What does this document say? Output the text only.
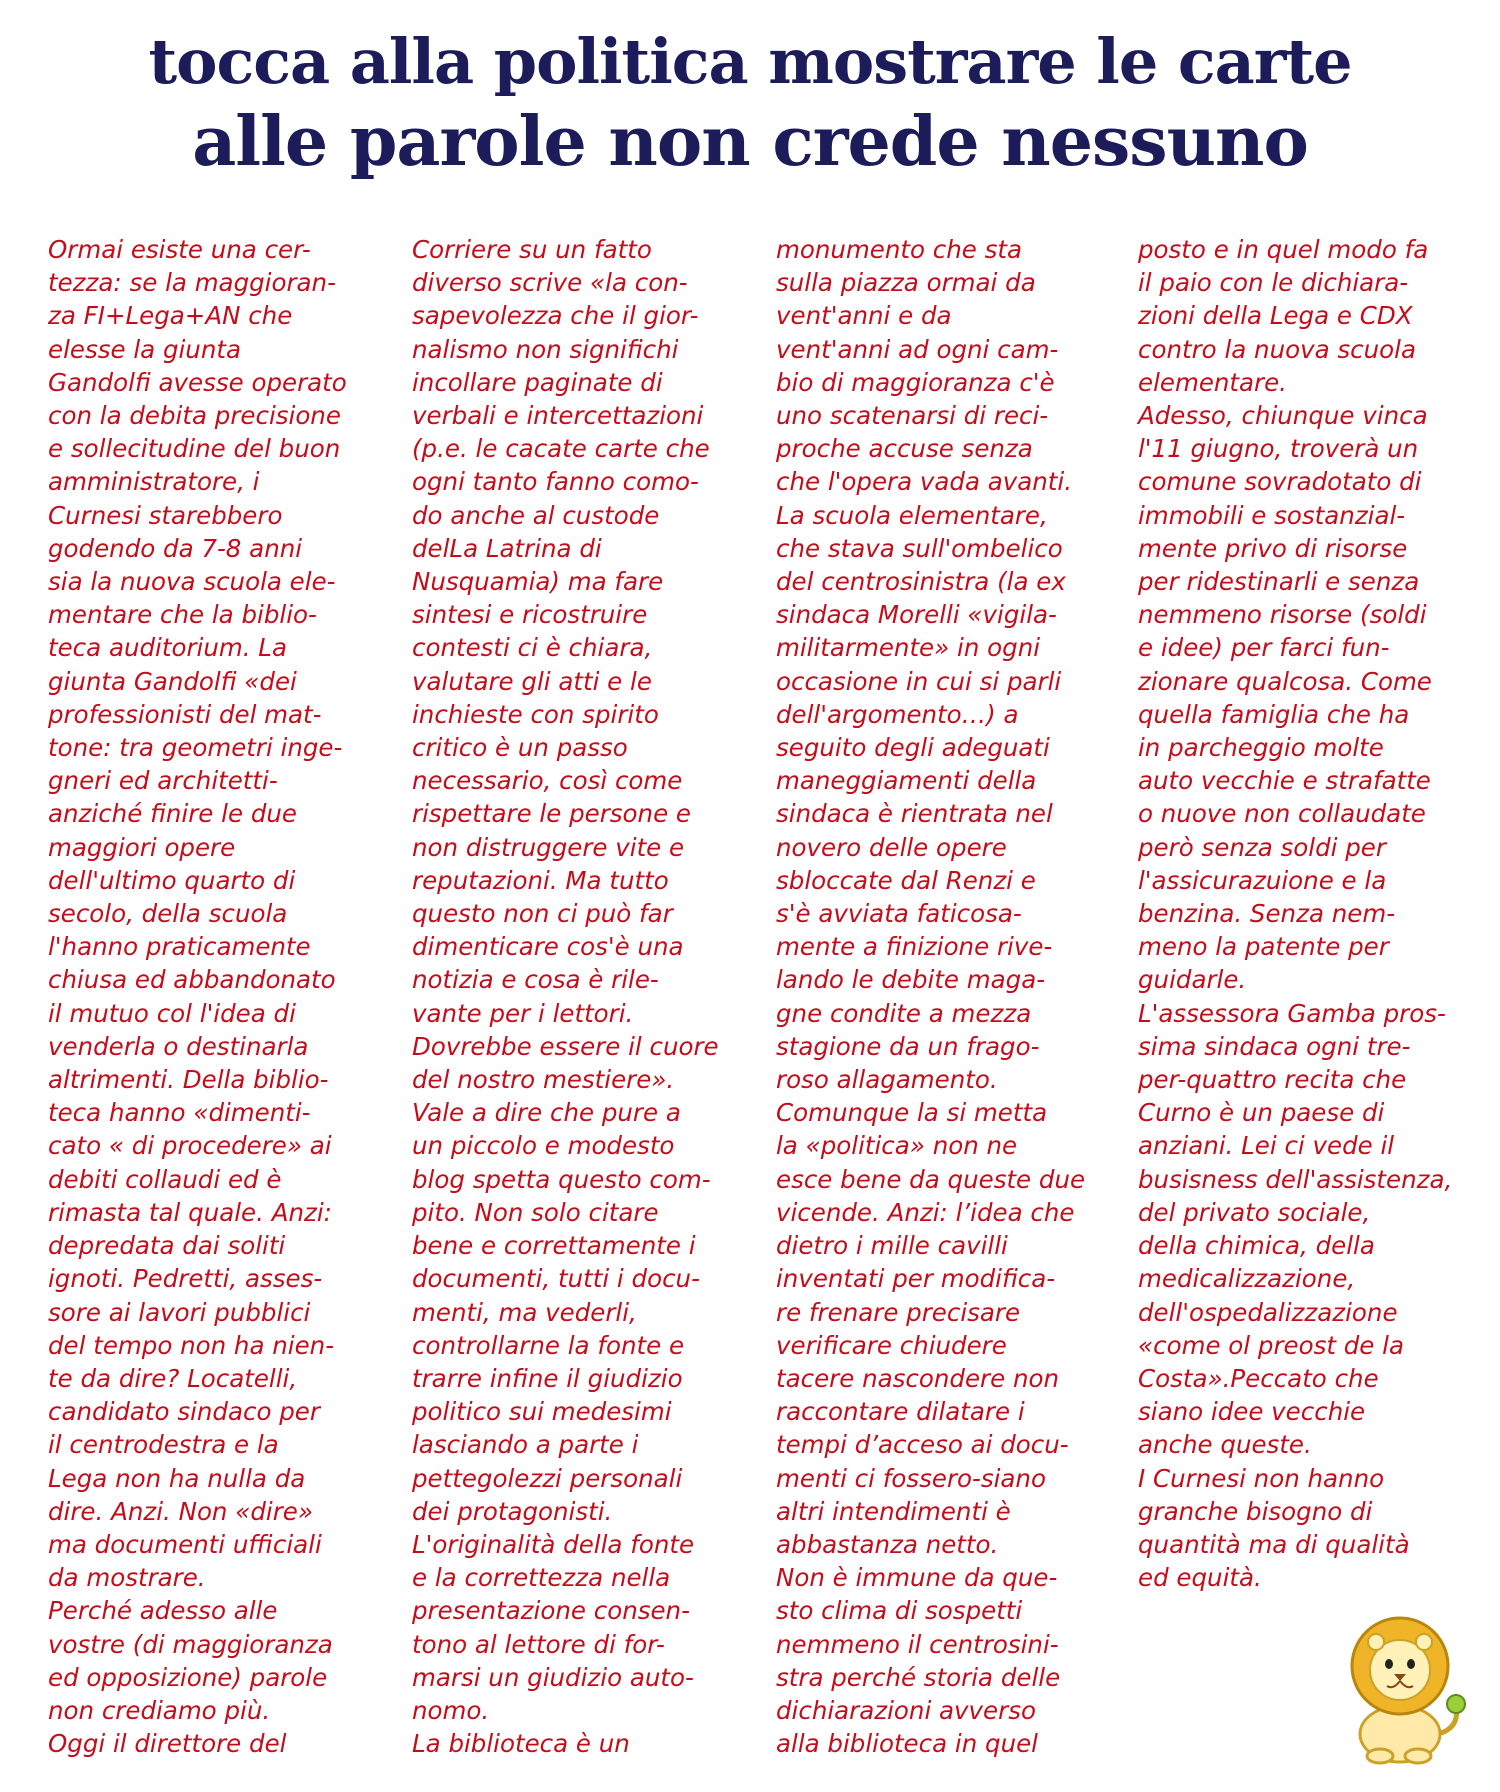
tocca alla politica mostrare le carte
alle parole non crede nessuno
Ormai esiste una cer-
tezza: se la maggioran-
za FI+Lega+AN che
elesse la giunta
Gandolfi avesse operato
con la debita precisione
e sollecitudine del buon
amministratore, i
Curnesi starebbero
godendo da 7-8 anni
sia la nuova scuola ele-
mentare che la biblio-
teca auditorium. La
giunta Gandolfi «dei
professionisti del mat-
tone: tra geometri inge-
gneri ed architetti-
anziché finire le due
maggiori opere
dell'ultimo quarto di
secolo, della scuola
l'hanno praticamente
chiusa ed abbandonato
il mutuo col l'idea di
venderla o destinarla
altrimenti. Della biblio-
teca hanno «dimenti-
cato « di procedere» ai
debiti collaudi ed è
rimasta tal quale. Anzi:
depredata dai soliti
ignoti. Pedretti, asses-
sore ai lavori pubblici
del tempo non ha nien-
te da dire? Locatelli,
candidato sindaco per
il centrodestra e la
Lega non ha nulla da
dire. Anzi. Non «dire»
ma documenti ufficiali
da mostrare.
Perché adesso alle
vostre (di maggioranza
ed opposizione) parole
non crediamo più.
Oggi il direttore del
Corriere su un fatto
diverso scrive «la con-
sapevolezza che il gior-
nalismo non significhi
incollare paginate di
verbali e intercettazioni
(p.e. le cacate carte che
ogni tanto fanno como-
do anche al custode
delLa Latrina di
Nusquamia) ma fare
sintesi e ricostruire
contesti ci è chiara,
valutare gli atti e le
inchieste con spirito
critico è un passo
necessario, così come
rispettare le persone e
non distruggere vite e
reputazioni. Ma tutto
questo non ci può far
dimenticare cos'è una
notizia e cosa è rile-
vante per i lettori.
Dovrebbe essere il cuore
del nostro mestiere».
Vale a dire che pure a
un piccolo e modesto
blog spetta questo com-
pito. Non solo citare
bene e correttamente i
documenti, tutti i docu-
menti, ma vederli,
controllarne la fonte e
trarre infine il giudizio
politico sui medesimi
lasciando a parte i
pettegolezzi personali
dei protagonisti.
L'originalità della fonte
e la correttezza nella
presentazione consen-
tono al lettore di for-
marsi un giudizio auto-
nomo.
La biblioteca è un
monumento che sta
sulla piazza ormai da
vent'anni e da
vent'anni ad ogni cam-
bio di maggioranza c'è
uno scatenarsi di reci-
proche accuse senza
che l'opera vada avanti.
La scuola elementare,
che stava sull'ombelico
del centrosinistra (la ex
sindaca Morelli «vigila-
militarmente» in ogni
occasione in cui si parli
dell'argomento…) a
seguito degli adeguati
maneggiamenti della
sindaca è rientrata nel
novero delle opere
sbloccate dal Renzi e
s'è avviata faticosa-
mente a finizione rive-
lando le debite maga-
gne condite a mezza
stagione da un frago-
roso allagamento.
Comunque la si metta
la «politica» non ne
esce bene da queste due
vicende. Anzi: l’idea che
dietro i mille cavilli
inventati per modifica-
re frenare precisare
verificare chiudere
tacere nascondere non
raccontare dilatare i
tempi d’acceso ai docu-
menti ci fossero-siano
altri intendimenti è
abbastanza netto.
Non è immune da que-
sto clima di sospetti
nemmeno il centrosini-
stra perché storia delle
dichiarazioni avverso
alla biblioteca in quel
posto e in quel modo fa
il paio con le dichiara-
zioni della Lega e CDX
contro la nuova scuola
elementare.
Adesso, chiunque vinca
l'11 giugno, troverà un
comune sovradotato di
immobili e sostanzial-
mente privo di risorse
per ridestinarli e senza
nemmeno risorse (soldi
e idee) per farci fun-
zionare qualcosa. Come
quella famiglia che ha
in parcheggio molte
auto vecchie e strafatte
o nuove non collaudate
però senza soldi per
l'assicurazuione e la
benzina. Senza nem-
meno la patente per
guidarle.
L'assessora Gamba pros-
sima sindaca ogni tre-
per-quattro recita che
Curno è un paese di
anziani. Lei ci vede il
busisness dell'assistenza,
del privato sociale,
della chimica, della
medicalizzazione,
dell'ospedalizzazione
«come ol preost de la
Costa».Peccato che
siano idee vecchie
anche queste.
I Curnesi non hanno
granche bisogno di
quantità ma di qualità
ed equità.
